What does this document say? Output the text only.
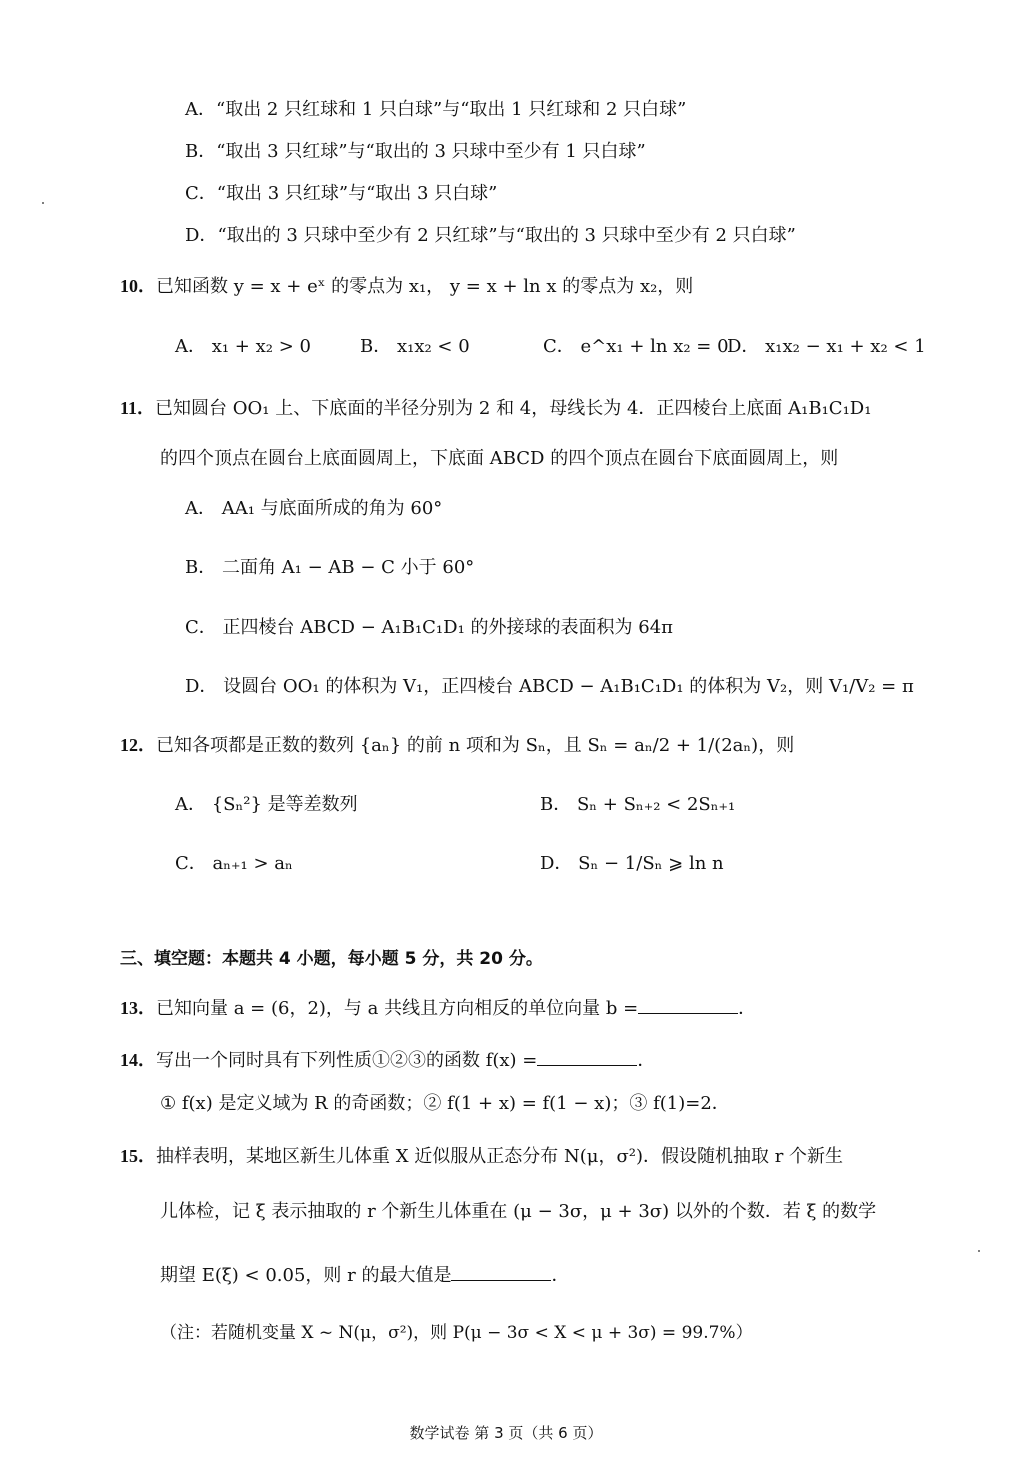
A．“取出 2 只红球和 1 只白球”与“取出 1 只红球和 2 只白球”
B．“取出 3 只红球”与“取出的 3 只球中至少有 1 只白球”
C．“取出 3 只红球”与“取出 3 只白球”
D．“取出的 3 只球中至少有 2 只红球”与“取出的 3 只球中至少有 2 只白球”
10．已知函数 y = x + eˣ 的零点为 x₁， y = x + ln x 的零点为 x₂，则
A． x₁ + x₂ > 0	B． x₁x₂ < 0	C． e^x₁ + ln x₂ = 0
D． x₁x₂ − x₁ + x₂ < 1
11．已知圆台 OO₁ 上、下底面的半径分别为 2 和 4，母线长为 4．正四棱台上底面 A₁B₁C₁D₁
的四个顶点在圆台上底面圆周上，下底面 ABCD 的四个顶点在圆台下底面圆周上，则
A． AA₁ 与底面所成的角为 60°
B． 二面角 A₁ − AB − C 小于 60°
C． 正四棱台 ABCD − A₁B₁C₁D₁ 的外接球的表面积为 64π
D． 设圆台 OO₁ 的体积为 V₁，正四棱台 ABCD − A₁B₁C₁D₁ 的体积为 V₂，则 V₁/V₂ = π
12．已知各项都是正数的数列 {aₙ} 的前 n 项和为 Sₙ，且 Sₙ = aₙ/2 + 1/(2aₙ)，则
A． {Sₙ²} 是等差数列	B． Sₙ + Sₙ₊₂ < 2Sₙ₊₁
C． aₙ₊₁ > aₙ	D． Sₙ − 1/Sₙ ⩾ ln n
三、填空题：本题共 4 小题，每小题 5 分，共 20 分。
13．已知向量 a = (6，2)，与 a 共线且方向相反的单位向量 b =	．
14．写出一个同时具有下列性质①②③的函数 f(x) =	．
① f(x) 是定义域为 R 的奇函数；② f(1 + x) = f(1 − x)；③ f(1)=2．
15．抽样表明，某地区新生儿体重 X 近似服从正态分布 N(μ，σ²)．假设随机抽取 r 个新生
儿体检，记 ξ 表示抽取的 r 个新生儿体重在 (μ − 3σ，μ + 3σ) 以外的个数．若 ξ 的数学
期望 E(ξ) < 0.05，则 r 的最大值是	．
（注：若随机变量 X ~ N(μ，σ²)，则 P(μ − 3σ < X < μ + 3σ) = 99.7%）
数学试卷 第 3 页（共 6 页）
